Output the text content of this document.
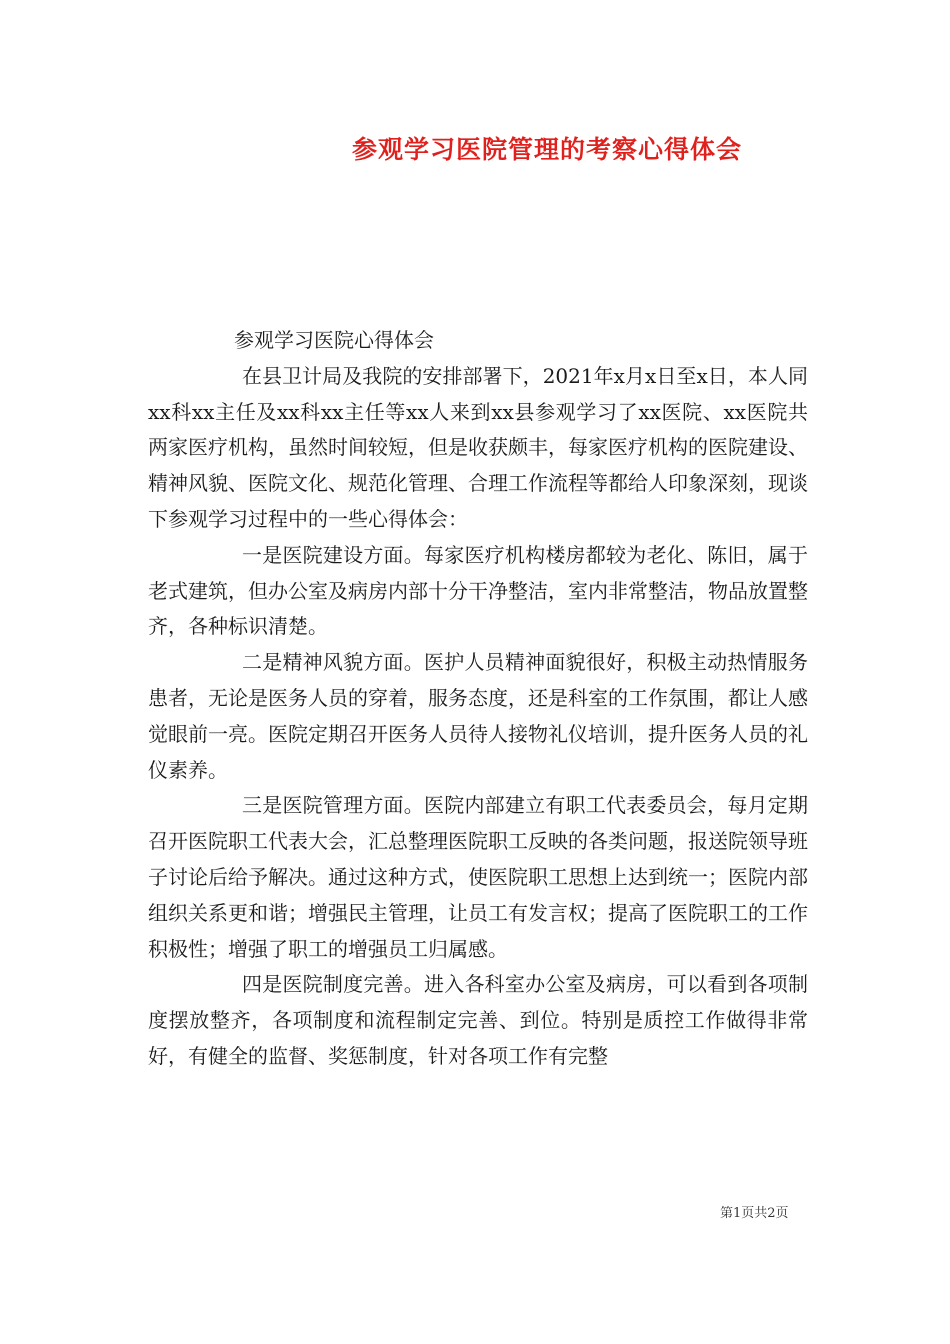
参观学习医院管理的考察心得体会

参观学习医院心得体会

在县卫计局及我院的安排部署下，2021年x月x日至x日，本人同xx科xx主任及xx科xx主任等xx人来到xx县参观学习了xx医院、xx医院共两家医疗机构，虽然时间较短，但是收获颇丰，每家医疗机构的医院建设、精神风貌、医院文化、规范化管理、合理工作流程等都给人印象深刻，现谈下参观学习过程中的一些心得体会：

一是医院建设方面。每家医疗机构楼房都较为老化、陈旧，属于老式建筑，但办公室及病房内部十分干净整洁，室内非常整洁，物品放置整齐，各种标识清楚。

二是精神风貌方面。医护人员精神面貌很好，积极主动热情服务患者，无论是医务人员的穿着，服务态度，还是科室的工作氛围，都让人感觉眼前一亮。医院定期召开医务人员待人接物礼仪培训，提升医务人员的礼仪素养。

三是医院管理方面。医院内部建立有职工代表委员会，每月定期召开医院职工代表大会，汇总整理医院职工反映的各类问题，报送院领导班子讨论后给予解决。通过这种方式，使医院职工思想上达到统一；医院内部组织关系更和谐；增强民主管理，让员工有发言权；提高了医院职工的工作积极性；增强了职工的增强员工归属感。

四是医院制度完善。进入各科室办公室及病房，可以看到各项制度摆放整齐，各项制度和流程制定完善、到位。特别是质控工作做得非常好，有健全的监督、奖惩制度，针对各项工作有完整

第1页共2页
